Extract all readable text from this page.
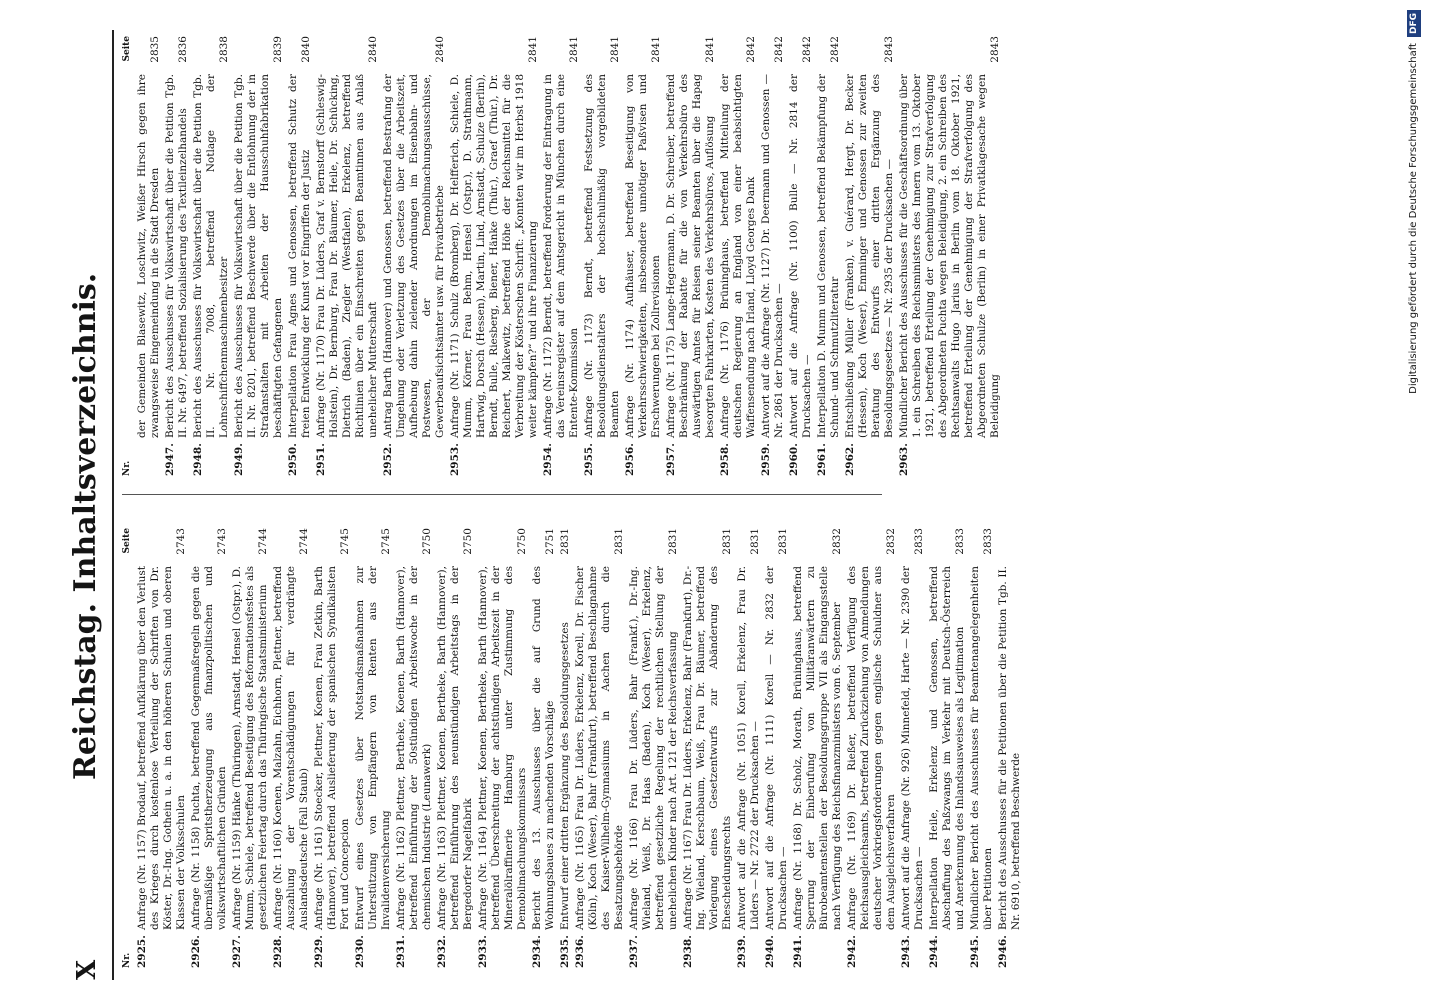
X
Reichstag. Inhaltsverzeichnis.
Nr.
Seite
2925.
Anfrage (Nr. 1157) Brodauf, betreffend Aufklärung über den Verlust des Krieges durch kostenlose Verteilung der Schriften von Dr. Köster, Dr.-Ing. Gothein u. a. in den höheren Schulen und oberen Klassen der Volksschulen
2743
2926.
Anfrage (Nr. 1158) Puchta, betreffend Gegenmaßregeln gegen die übermäßige Spritstherzeugung aus finanzpolitischen und volkswirtschaftlichen Gründen
2743
2927.
Anfrage (Nr. 1159) Hänke (Thüringen), Arnstadt, Hensel (Ostpr.), D. Mumm, Schiele, betreffend Beseitigung des Reformationsfestes als gesetzlichen Feiertag durch das Thüringische Staatsministerium
2744
2928.
Anfrage (Nr. 1160) Koenen, Malzahn, Eichhorn, Plettner, betreffend Auszahlung der Vorentschädigungen für verdrängte Auslandsdeutsche (Fall Staub)
2744
2929.
Anfrage (Nr. 1161) Stoecker, Plettner, Koenen, Frau Zetkin, Barth (Hannover), betreffend Auslieferung der spanischen Syndikalisten Fort und Concepcion
2745
2930.
Entwurf eines Gesetzes über Notstandsmaßnahmen zur Unterstützung von Empfängern von Renten aus der Invalidenversicherung
2745
2931.
Anfrage (Nr. 1162) Plettner, Bertheke, Koenen, Barth (Hannover), betreffend Einführung der 50stündigen Arbeitswoche in der chemischen Industrie (Leunawerk)
2750
2932.
Anfrage (Nr. 1163) Plettner, Koenen, Bertheke, Barth (Hannover), betreffend Einführung des neunstündigen Arbeitstags in der Bergedorfer Nagelfabrik
2750
2933.
Anfrage (Nr. 1164) Plettner, Koenen, Bertheke, Barth (Hannover), betreffend Überschreitung der achtstündigen Arbeitszeit in der Mineralölraffinerie Hamburg unter Zustimmung des Demobilmachungskommissars
2750
2934.
Bericht des 13. Ausschusses über die auf Grund des Wohnungsbaues zu machenden Vorschläge
2751
2935.
Entwurf einer dritten Ergänzung des Besoldungsgesetzes
2831
2936.
Anfrage (Nr. 1165) Frau Dr. Lüders, Erkelenz, Korell, Dr. Fischer (Köln), Koch (Weser), Bahr (Frankfurt), betreffend Beschlagnahme des Kaiser-Wilhelm-Gymnasiums in Aachen durch die Besatzungsbehörde
2831
2937.
Anfrage (Nr. 1166) Frau Dr. Lüders, Bahr (Frankf.), Dr.-Ing. Wieland, Weiß, Dr. Haas (Baden), Koch (Weser), Erkelenz, betreffend gesetzliche Regelung der rechtlichen Stellung der unehelichen Kinder nach Art. 121 der Reichsverfassung
2831
2938.
Anfrage (Nr. 1167) Frau Dr. Lüders, Erkelenz, Bahr (Frankfurt), Dr.-Ing. Wieland, Kerschbaum, Weiß, Frau Dr. Bäumer, betreffend Vorlegung eines Gesetzentwurfs zur Abänderung des Ehescheidungsrechts
2831
2939.
Antwort auf die Anfrage (Nr. 1051) Korell, Erkelenz, Frau Dr. Lüders — Nr. 2722 der Drucksachen —
2831
2940.
Antwort auf die Anfrage (Nr. 1111) Korell — Nr. 2832 der Drucksachen —
2831
2941.
Anfrage (Nr. 1168) Dr. Scholz, Morath, Brüninghaus, betreffend Sperrung der Einberufung von Militäranwärtern zu Bürobeamtenstellen der Besoldungsgruppe VII als Eingangsstelle nach Verfügung des Reichsfinanzministers vom 6. September
2832
2942.
Anfrage (Nr. 1169) Dr. Rießer, betreffend Verfügung des Reichsausgleichsamts, betreffend Zurückziehung von Anmeldungen deutscher Vorkriegsforderungen gegen englische Schuldner aus dem Ausgleichsverfahren
2832
2943.
Antwort auf die Anfrage (Nr. 926) Minnefeld, Harte — Nr. 2390 der Drucksachen —
2833
2944.
Interpellation Heile, Erkelenz und Genossen, betreffend Abschaffung des Paßzwangs im Verkehr mit Deutsch-Österreich und Anerkennung des Inlandsausweises als Legitimation
2833
2945.
Mündlicher Bericht des Ausschusses für Beamtenangelegenheiten über Petitionen
2833
2946.
Bericht des Ausschusses für die Petitionen über die Petition Tgb. II. Nr. 6910, betreffend Beschwerde
Nr.
Seite
der Gemeinden Blasewitz, Loschwitz, Weißer Hirsch gegen ihre zwangsweise Eingemeindung in die Stadt Dresden
2835
2947.
Bericht des Ausschusses für Volkswirtschaft über die Petition Tgb. II. Nr. 6497, betreffend Sozialisierung des Textileinzelhandels
2836
2948.
Bericht des Ausschusses für Volkswirtschaft über die Petition Tgb. II. Nr. 7008, betreffend Notlage der Lohnschiffchenmaschinenbesitzer
2838
2949.
Bericht des Ausschusses für Volkswirtschaft über die Petition Tgb. II. Nr. 8201, betreffend Beschwerde über die Entlohnung der in Strafanstalten mit Arbeiten der Hausschuhfabrikation beschäftigten Gefangenen
2839
2950.
Interpellation Frau Agnes und Genossen, betreffend Schutz der freien Entwicklung der Kunst vor Eingriffen der Justiz
2840
2951.
Anfrage (Nr. 1170) Frau Dr. Lüders, Graf v. Bernstorff (Schleswig-Holstein), Dr. Bernburg, Frau Dr. Bäumer, Heile, Dr. Schücking, Dietrich (Baden), Ziegler (Westfalen), Erkelenz, betreffend Richtlinien über ein Einschreiten gegen Beamtinnen aus Anlaß unehelicher Mutterschaft
2840
2952.
Antrag Barth (Hannover) und Genossen, betreffend Bestrafung der Umgehung oder Verletzung des Gesetzes über die Arbeitszeit, Aufhebung dahin zielender Anordnungen im Eisenbahn- und Postwesen, der Demobilmachungsausschüsse, Gewerbeaufsichtsämter usw. für Privatbetriebe
2840
2953.
Anfrage (Nr. 1171) Schulz (Bromberg), Dr. Helfferich, Schiele, D. Mumm, Körner, Frau Behm, Hensel (Ostpr.), D. Strathmann, Hartwig, Dorsch (Hessen), Martin, Lind, Arnstadt, Schulze (Berlin), Berndt, Bulle, Riesberg, Biener, Hänke (Thür.), Graef (Thür.), Dr. Reichert, Malkewitz, betreffend Höhe der Reichsmittel für die Verbreitung der Kösterschen Schrift: „Konnten wir im Herbst 1918 weiter kämpfen?“ und ihre Finanzierung
2841
2954.
Anfrage (Nr. 1172) Berndt, betreffend Forderung der Eintragung in das Vereinsregister auf dem Amtsgericht in München durch eine Entente-Kommission
2841
2955.
Anfrage (Nr. 1173) Berndt, betreffend Festsetzung des Besoldungsdienstalters der hochschulmäßig vorgebildeten Beamten
2841
2956.
Anfrage (Nr. 1174) Aufhäuser, betreffend Beseitigung von Verkehrsschwierigkeiten, insbesondere unnötiger Paßvisen und Erschwerungen bei Zollrevisionen
2841
2957.
Anfrage (Nr. 1175) Lange-Hegermann, D. Dr. Schreiber, betreffend Beschränkung der Rabatte für die von Verkehrsbüro des Auswärtigen Amtes für Reisen seiner Beamten über die Hapag besorgten Fahrkarten, Kosten des Verkehrsbüros, Auflösung
2841
2958.
Anfrage (Nr. 1176) Brüninghaus, betreffend Mitteilung der deutschen Regierung an England von einer beabsichtigten Waffensendung nach Irland, Lloyd Georges Dank
2842
2959.
Antwort auf die Anfrage (Nr. 1127) Dr. Deermann und Genossen — Nr. 2861 der Drucksachen —
2842
2960.
Antwort auf die Anfrage (Nr. 1100) Bulle — Nr. 2814 der Drucksachen —
2842
2961.
Interpellation D. Mumm und Genossen, betreffend Bekämpfung der Schund- und Schmutzliteratur
2842
2962.
Entschließung Müller (Franken), v. Guérard, Hergt, Dr. Becker (Hessen), Koch (Weser), Emminger und Genossen zur zweiten Beratung des Entwurfs einer dritten Ergänzung des Besoldungsgesetzes — Nr. 2935 der Drucksachen —
2843
2963.
Mündlicher Bericht des Ausschusses für die Geschäftsordnung über 1. ein Schreiben des Reichsministers des Innern vom 13. Oktober 1921, betreffend Erteilung der Genehmigung zur Strafverfolgung des Abgeordneten Puchta wegen Beleidigung, 2. ein Schreiben des Rechtsanwalts Hugo Jarius in Berlin vom 18. Oktober 1921, betreffend Erteilung der Genehmigung der Strafverfolgung des Abgeordneten Schulze (Berlin) in einer Privatklagesache wegen Beleidigung
2843	Digitalisierung gefördert durch die Deutsche Forschungsgemeinschaft
DFG
